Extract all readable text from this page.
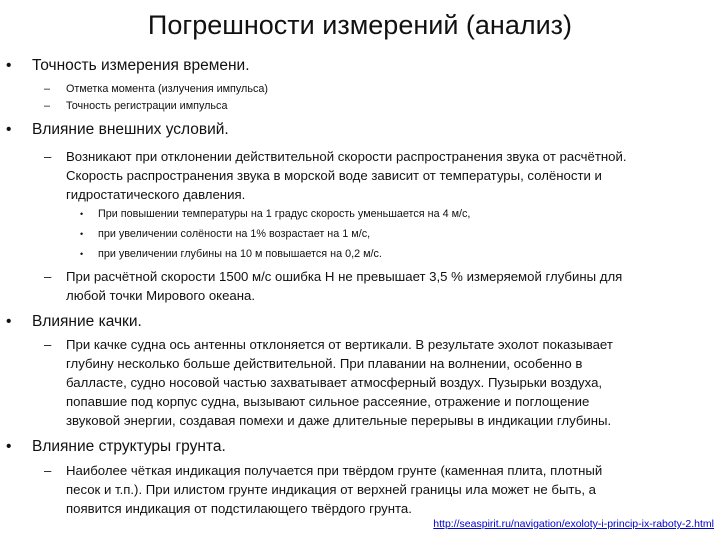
Погрешности измерений (анализ)
• Точность измерения времени.
– Отметка момента (излучения импульса)
– Точность регистрации импульса
• Влияние внешних условий.
– Возникают при отклонении действительной скорости распространения звука от расчётной.
Скорость распространения звука в морской воде зависит от температуры, солёности и
гидростатического давления.
• При повышении температуры на 1 градус скорость уменьшается на 4 м/с,
• при увеличении солёности на 1% возрастает на 1 м/с,
• при увеличении глубины на 10 м повышается на 0,2 м/с.
– При расчётной скорости 1500 м/с ошибка Н не превышает 3,5 % измеряемой глубины для
любой точки Мирового океана.
• Влияние качки.
– При качке судна ось антенны отклоняется от вертикали. В результате эхолот показывает
глубину несколько больше действительной. При плавании на волнении, особенно в
балласте, судно носовой частью захватывает атмосферный воздух. Пузырьки воздуха,
попавшие под корпус судна, вызывают сильное рассеяние, отражение и поглощение
звуковой энергии, создавая помехи и даже длительные перерывы в индикации глубины.
• Влияние структуры грунта.
– Наиболее чёткая индикация получается при твёрдом грунте (каменная плита, плотный
песок и т.п.). При илистом грунте индикация от верхней границы ила может не быть, а
появится индикация от подстилающего твёрдого грунта.
http://seaspirit.ru/navigation/exoloty-i-princip-ix-raboty-2.html
